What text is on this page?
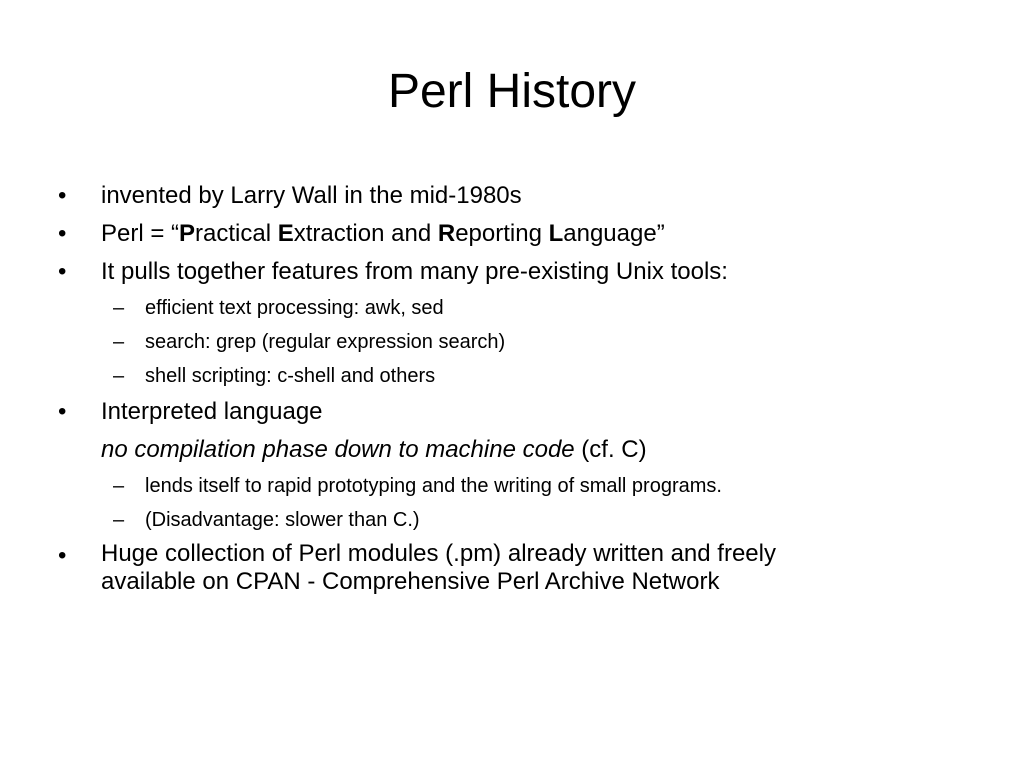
Perl History

• invented by Larry Wall in the mid-1980s

• Perl = “Practical Extraction and Reporting Language”

• It pulls together features from many pre-existing Unix tools:

– efficient text processing: awk, sed

– search: grep (regular expression search)

– shell scripting: c-shell and others

• Interpreted language

no compilation phase down to machine code (cf. C)

– lends itself to rapid prototyping and the writing of small programs.

– (Disadvantage: slower than C.)

• Huge collection of Perl modules (.pm) already written and freely
available on CPAN - Comprehensive Perl Archive Network
